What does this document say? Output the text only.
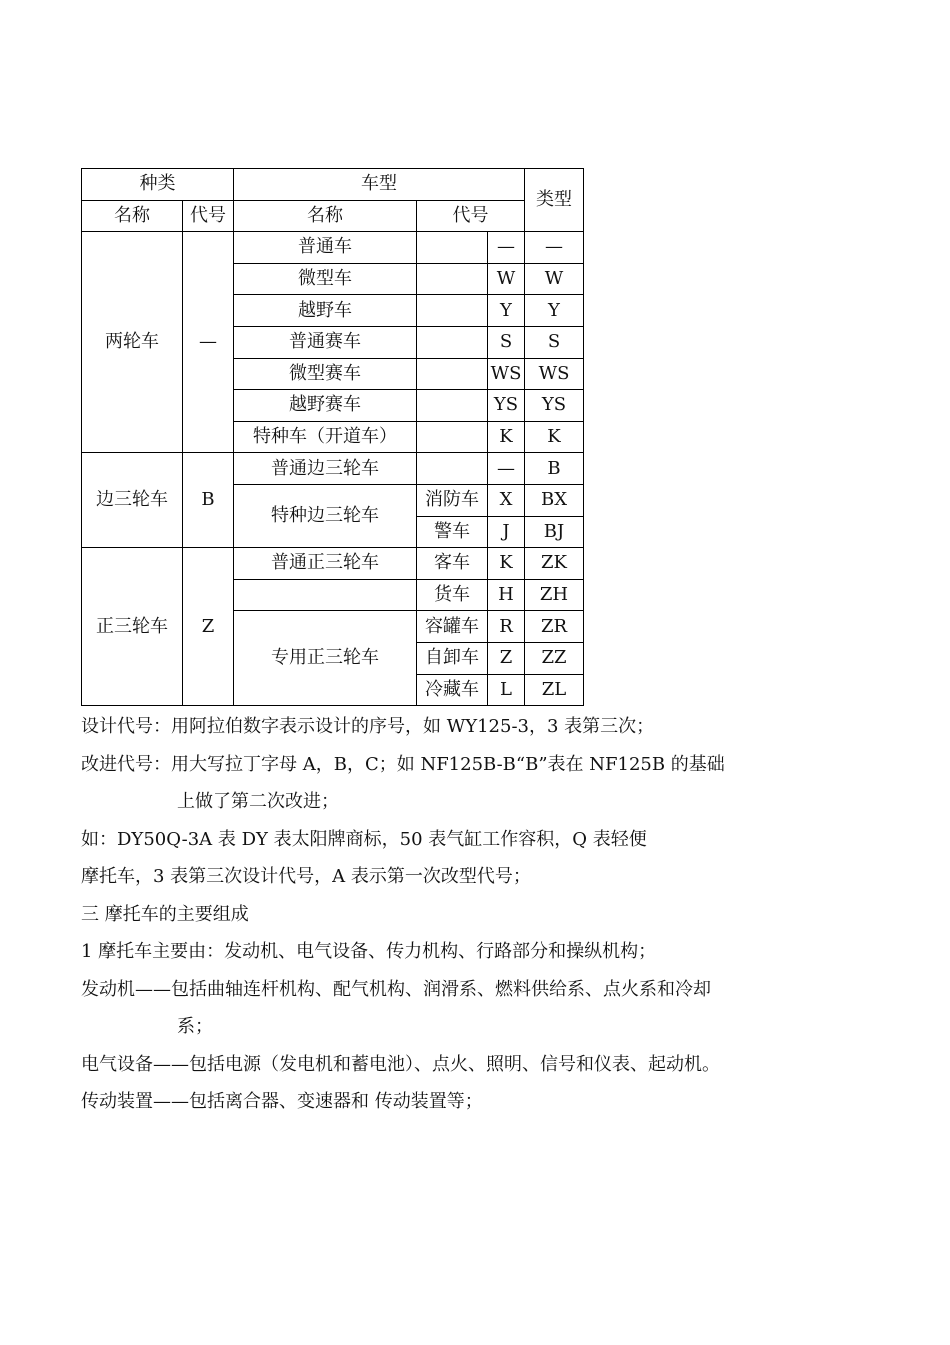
种类		车型			类型
名称	代号	名称	代号		
两轮车	—	普通车		—	—
		微型车		W	W
		越野车		Y	Y
		普通赛车		S	S
		微型赛车		WS	WS
		越野赛车		YS	YS
		特种车（开道车）		K	K
边三轮车	B	普通边三轮车		—	B
		特种边三轮车	消防车	X	BX
			警车	J	BJ
正三轮车	Z	普通正三轮车	客车	K	ZK
			货车	H	ZH
		专用正三轮车	容罐车	R	ZR
			自卸车	Z	ZZ
			冷藏车	L	ZL
设计代号：用阿拉伯数字表示设计的序号，如 WY125-3，3 表第三次；
改进代号：用大写拉丁字母 A，B，C；如 NF125B-B“B”表在 NF125B 的基础
上做了第二次改进；
如：DY50Q-3A 表 DY 表太阳牌商标，50 表气缸工作容积，Q 表轻便
摩托车，3 表第三次设计代号，A 表示第一次改型代号；
三 摩托车的主要组成
1 摩托车主要由：发动机、电气设备、传力机构、行路部分和操纵机构；
发动机——包括曲轴连杆机构、配气机构、润滑系、燃料供给系、点火系和冷却
系；
电气设备——包括电源（发电机和蓄电池）、点火、照明、信号和仪表、起动机。
传动装置——包括离合器、变速器和 传动装置等；
